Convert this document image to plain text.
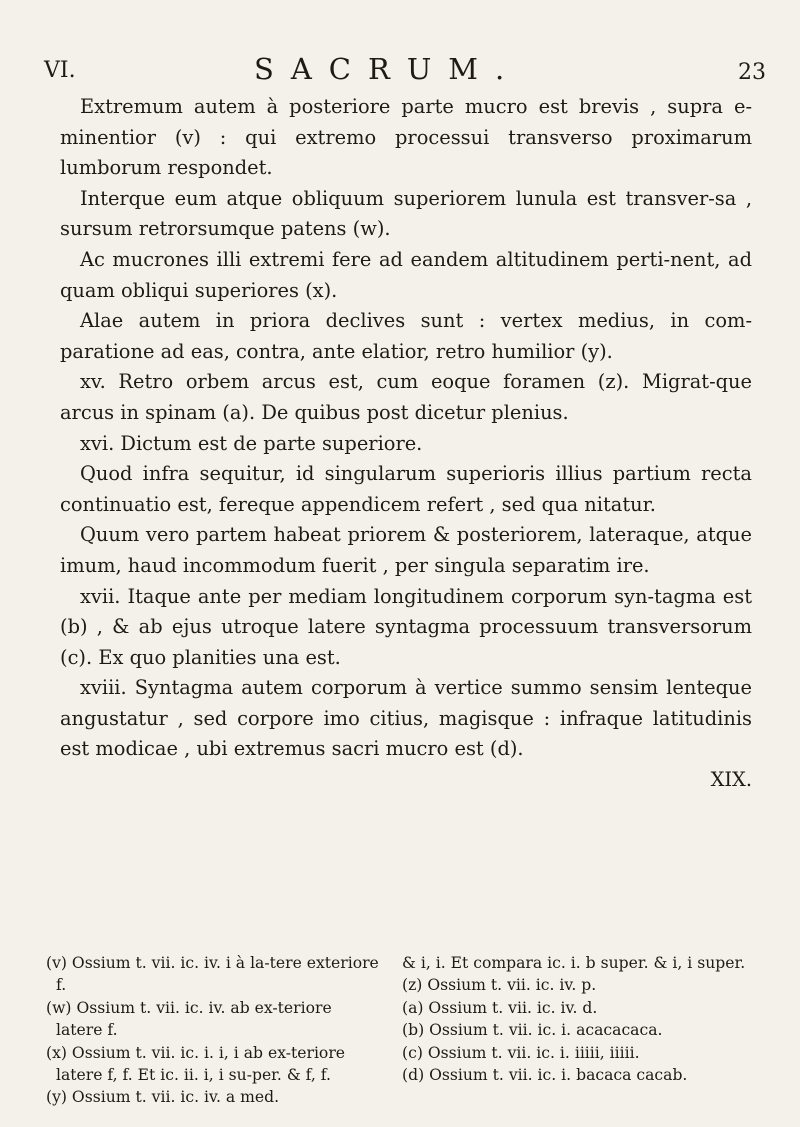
VI.	SACRUM.	23

Extremum autem à posteriore parte mucro est brevis , supra e-minentior (v) : qui extremo processui transverso proximarum lumborum respondet.

Interque eum atque obliquum superiorem lunula est transver-sa , sursum retrorsumque patens (w).

Ac mucrones illi extremi fere ad eandem altitudinem perti-nent, ad quam obliqui superiores (x).

Alae autem in priora declives sunt : vertex medius, in com-paratione ad eas, contra, ante elatior, retro humilior (y).

xv. Retro orbem arcus est, cum eoque foramen (z). Migrat-que arcus in spinam (a). De quibus post dicetur plenius.

xvi. Dictum est de parte superiore.

Quod infra sequitur, id singularum superioris illius partium recta continuatio est, fereque appendicem refert , sed qua nitatur.

Quum vero partem habeat priorem & posteriorem, lateraque, atque imum, haud incommodum fuerit , per singula separatim ire.

xvii. Itaque ante per mediam longitudinem corporum syn-tagma est (b) , & ab ejus utroque latere syntagma processuum transversorum (c). Ex quo planities una est.

xviii. Syntagma autem corporum à vertice summo sensim lenteque angustatur , sed corpore imo citius, magisque : infraque latitudinis est modicae , ubi extremus sacri mucro est (d).

XIX.

(v) Ossium t. vii. ic. iv. i à la-tere exteriore f.

(w) Ossium t. vii. ic. iv. ab ex-teriore latere f.

(x) Ossium t. vii. ic. i. i, i ab ex-teriore latere f, f. Et ic. ii. i, i su-per. & f, f.

(y) Ossium t. vii. ic. iv. a med.

& i, i. Et compara ic. i. b super. & i, i super.

(z) Ossium t. vii. ic. iv. p.

(a) Ossium t. vii. ic. iv. d.

(b) Ossium t. vii. ic. i. acacacaca.

(c) Ossium t. vii. ic. i. iiiii, iiiii.

(d) Ossium t. vii. ic. i. bacaca cacab.
